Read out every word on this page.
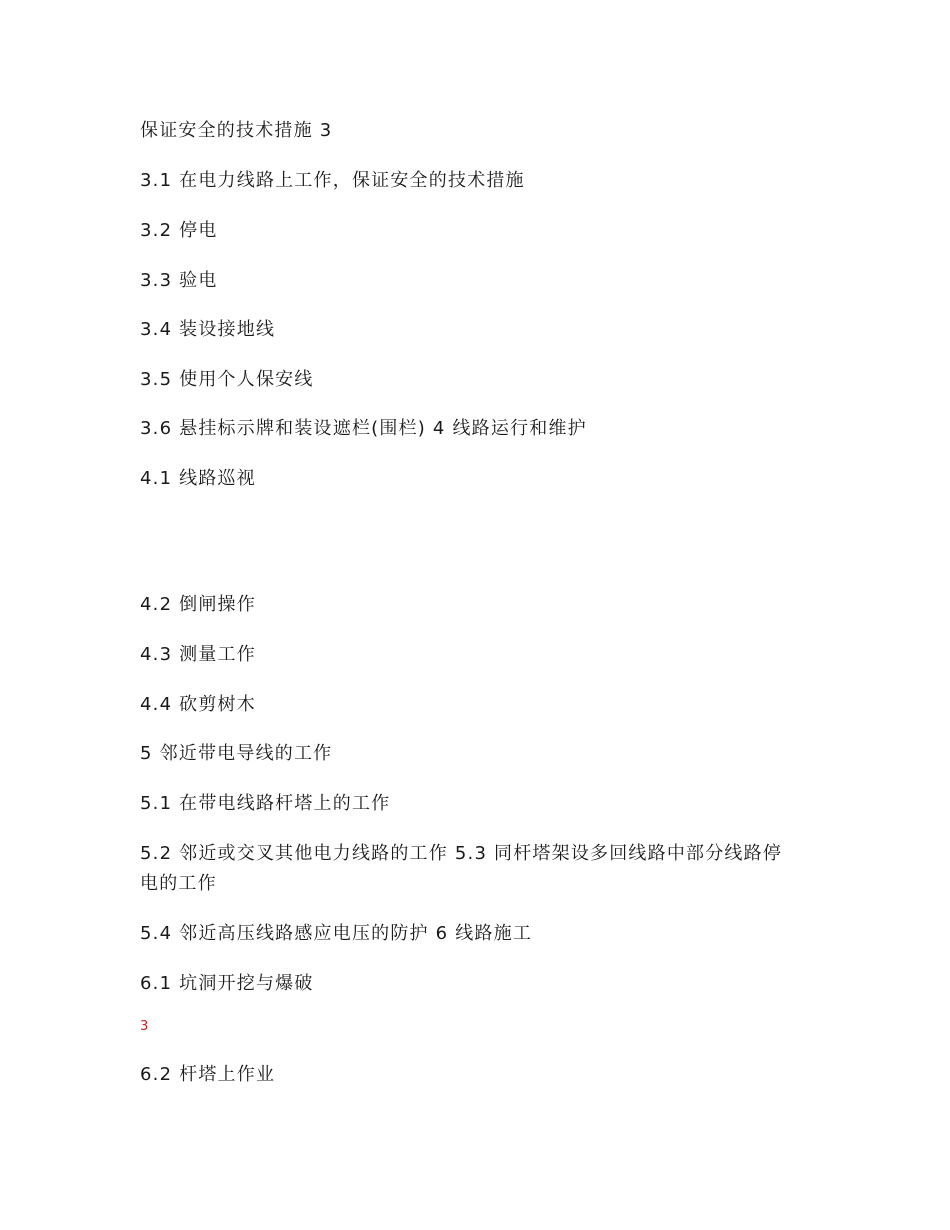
保证安全的技术措施 3
3.1 在电力线路上工作，保证安全的技术措施
3.2 停电
3.3 验电
3.4 装设接地线
3.5 使用个人保安线
3.6 悬挂标示牌和装设遮栏(围栏) 4 线路运行和维护
4.1 线路巡视
4.2 倒闸操作
4.3 测量工作
4.4 砍剪树木
5 邻近带电导线的工作
5.1 在带电线路杆塔上的工作
5.2 邻近或交叉其他电力线路的工作 5.3 同杆塔架设多回线路中部分线路停电的工作
5.4 邻近高压线路感应电压的防护 6 线路施工
6.1 坑洞开挖与爆破
3
6.2 杆塔上作业
